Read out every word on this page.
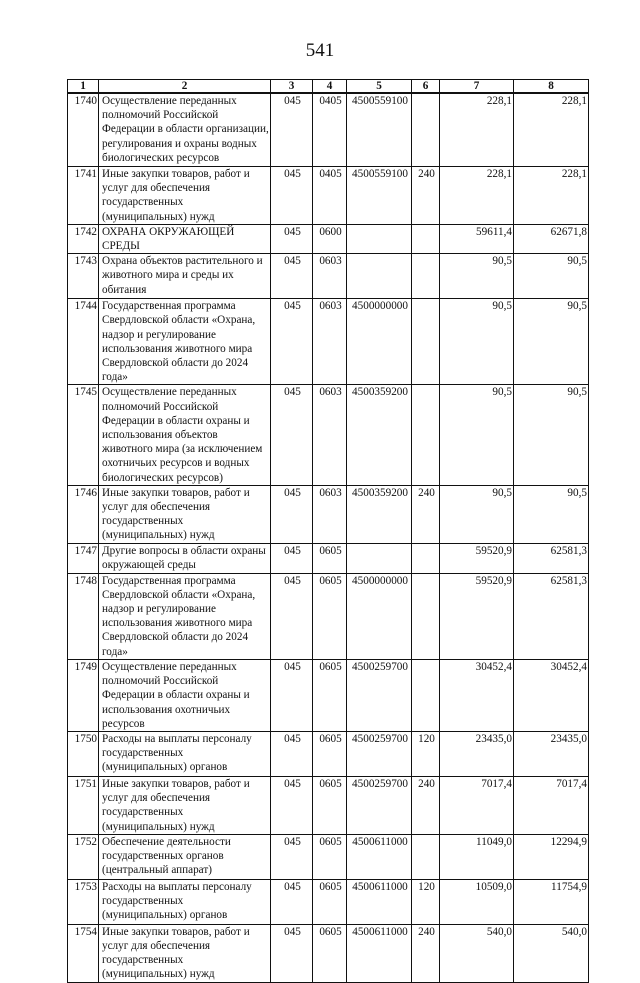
541
1	2	3	4	5	6	7	8
1740	Осуществление переданных полномочий Российской Федерации в области организации, регулирования и охраны водных биологических ресурсов	045	0405	4500559100		228,1	228,1
1741	Иные закупки товаров, работ и услуг для обеспечения государственных (муниципальных) нужд	045	0405	4500559100	240	228,1	228,1
1742	ОХРАНА ОКРУЖАЮЩЕЙ СРЕДЫ	045	0600			59611,4	62671,8
1743	Охрана объектов растительного и животного мира и среды их обитания	045	0603			90,5	90,5
1744	Государственная программа Свердловской области «Охрана, надзор и регулирование использования животного мира Свердловской области до 2024 года»	045	0603	4500000000		90,5	90,5
1745	Осуществление переданных полномочий Российской Федерации в области охраны и использования объектов животного мира (за исключением охотничьих ресурсов и водных биологических ресурсов)	045	0603	4500359200		90,5	90,5
1746	Иные закупки товаров, работ и услуг для обеспечения государственных (муниципальных) нужд	045	0603	4500359200	240	90,5	90,5
1747	Другие вопросы в области охраны окружающей среды	045	0605			59520,9	62581,3
1748	Государственная программа Свердловской области «Охрана, надзор и регулирование использования животного мира Свердловской области до 2024 года»	045	0605	4500000000		59520,9	62581,3
1749	Осуществление переданных полномочий Российской Федерации в области охраны и использования охотничьих ресурсов	045	0605	4500259700		30452,4	30452,4
1750	Расходы на выплаты персоналу государственных (муниципальных) органов	045	0605	4500259700	120	23435,0	23435,0
1751	Иные закупки товаров, работ и услуг для обеспечения государственных (муниципальных) нужд	045	0605	4500259700	240	7017,4	7017,4
1752	Обеспечение деятельности государственных органов (центральный аппарат)	045	0605	4500611000		11049,0	12294,9
1753	Расходы на выплаты персоналу государственных (муниципальных) органов	045	0605	4500611000	120	10509,0	11754,9
1754	Иные закупки товаров, работ и услуг для обеспечения государственных (муниципальных) нужд	045	0605	4500611000	240	540,0	540,0
